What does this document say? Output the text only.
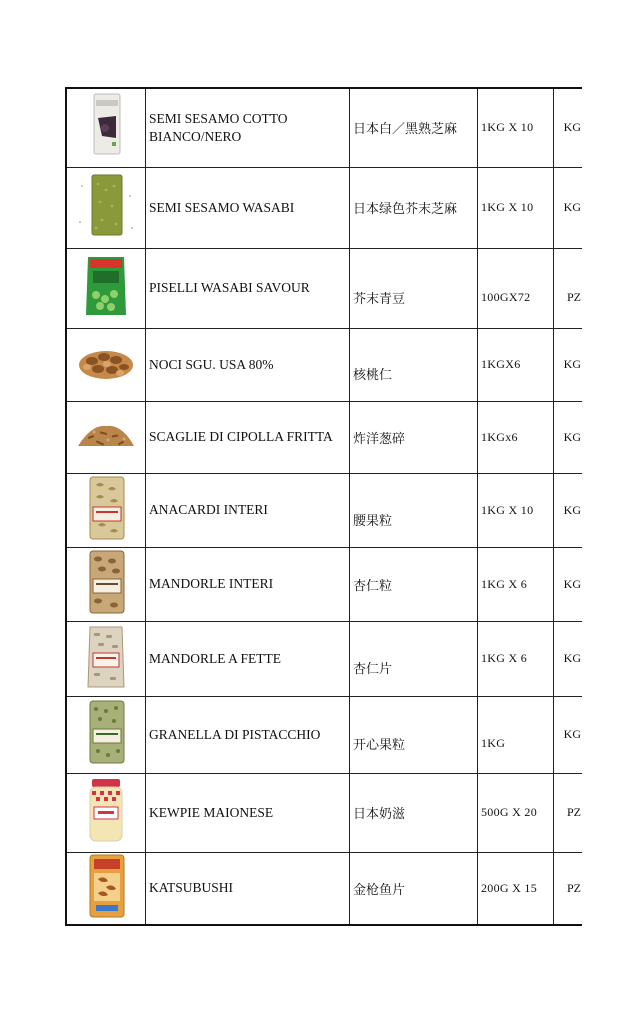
	SEMI SESAMO COTTO BIANCO/NERO	日本白／黑熟芝麻	1KG X 10	KG
	SEMI SESAMO WASABI	日本绿色芥末芝麻	1KG X 10	KG
	PISELLI WASABI SAVOUR	芥末青豆	100GX72	PZ
	NOCI SGU. USA 80%	核桃仁	1KGX6	KG
	SCAGLIE DI CIPOLLA FRITTA	炸洋葱碎	1KGx6	KG
	ANACARDI INTERI	腰果粒	1KG X 10	KG
	MANDORLE INTERI	杏仁粒	1KG X 6	KG
	MANDORLE A FETTE	杏仁片	1KG X 6	KG
	GRANELLA DI PISTACCHIO	开心果粒	1KG	KG
	KEWPIE MAIONESE	日本奶滋	500G X 20	PZ
	KATSUBUSHI	金枪鱼片	200G X 15	PZ
